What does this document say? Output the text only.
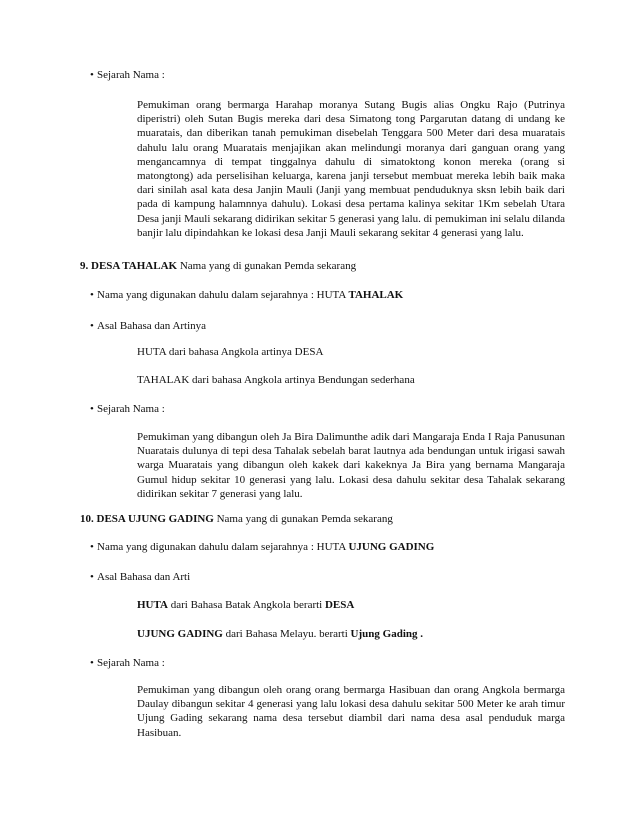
• Sejarah Nama :

Pemukiman orang bermarga Harahap moranya Sutang Bugis alias Ongku Rajo (Putrinya diperistri) oleh Sutan Bugis mereka dari desa Simatong tong Pargarutan datang di undang ke muaratais, dan diberikan tanah pemukiman disebelah Tenggara 500 Meter dari desa muaratais dahulu lalu orang Muaratais menjajikan akan melindungi moranya dari ganguan orang yang mengancamnya di tempat tinggalnya dahulu di simatoktong konon mereka (orang si matongtong) ada perselisihan keluarga, karena janji tersebut membuat mereka lebih baik maka dari sinilah asal kata desa Janjin Mauli (Janji yang membuat penduduknya sksn lebih baik dari pada di kampung halamnnya dahulu). Lokasi desa pertama kalinya sekitar 1Km sebelah Utara Desa janji Mauli sekarang didirikan sekitar 5 generasi yang lalu. di pemukiman ini selalu dilanda banjir lalu dipindahkan ke lokasi desa Janji Mauli sekarang sekitar 4 generasi yang lalu.

9. DESA TAHALAK Nama yang di gunakan Pemda sekarang

• Nama yang digunakan dahulu dalam sejarahnya : HUTA TAHALAK

• Asal Bahasa dan Artinya

HUTA dari bahasa Angkola artinya DESA

TAHALAK dari bahasa Angkola artinya Bendungan sederhana

• Sejarah Nama :

Pemukiman yang dibangun oleh Ja Bira Dalimunthe adik dari Mangaraja Enda I Raja Panusunan Nuaratais dulunya di tepi desa Tahalak sebelah barat lautnya ada bendungan untuk irigasi sawah warga Muaratais yang dibangun oleh kakek dari kakeknya Ja Bira yang bernama Mangaraja Gumul hidup sekitar 10 generasi yang lalu. Lokasi desa dahulu sekitar desa Tahalak sekarang didirikan sekitar 7 generasi yang lalu.

10. DESA UJUNG GADING Nama yang di gunakan Pemda sekarang

• Nama yang digunakan dahulu dalam sejarahnya : HUTA UJUNG GADING

• Asal Bahasa dan Arti

HUTA dari Bahasa Batak Angkola berarti DESA

UJUNG GADING dari Bahasa Melayu. berarti Ujung Gading .

• Sejarah Nama :

Pemukiman yang dibangun oleh orang orang bermarga Hasibuan dan orang Angkola bermarga Daulay dibangun sekitar 4 generasi yang lalu lokasi desa dahulu sekitar 500 Meter ke arah timur Ujung Gading sekarang nama desa tersebut diambil dari nama desa asal penduduk marga Hasibuan.
